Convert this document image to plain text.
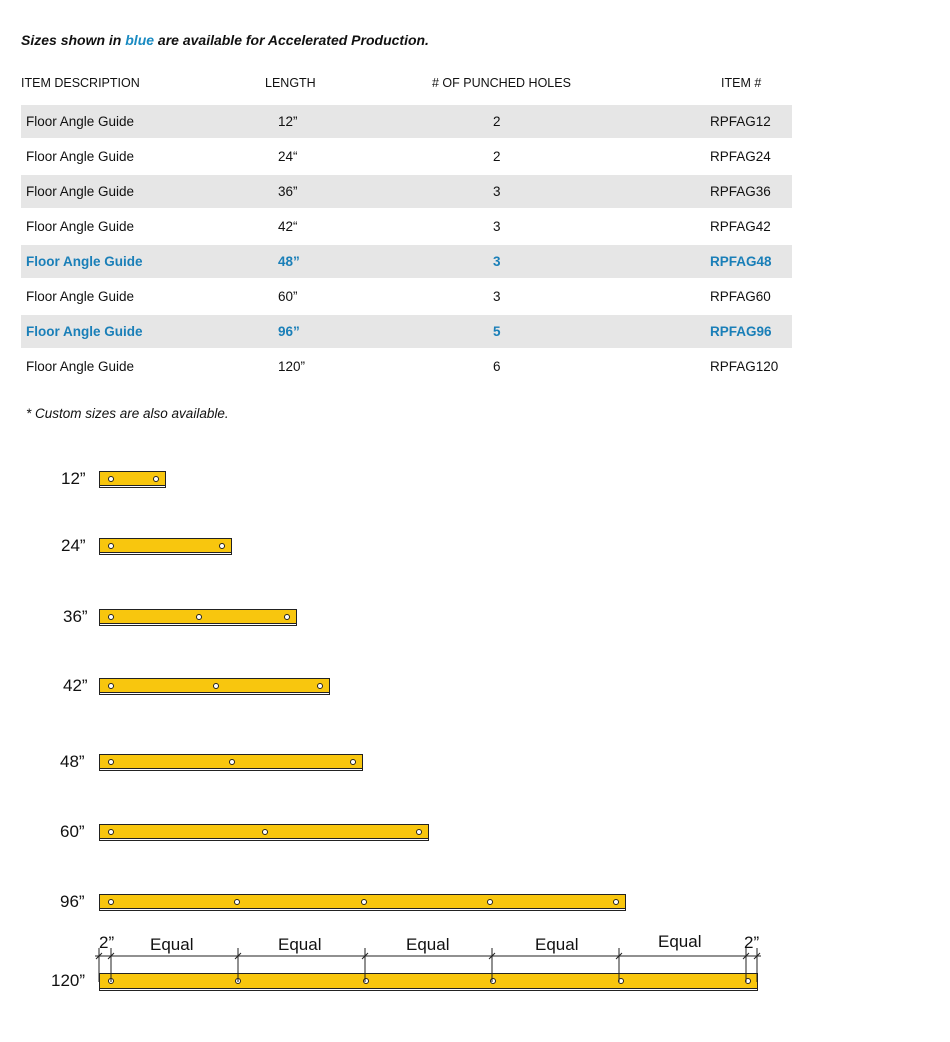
Sizes shown in blue are available for Accelerated Production.
ITEM DESCRIPTION	LENGTH	# OF PUNCHED HOLES	ITEM #
Floor Angle Guide	12”	2	RPFAG12
Floor Angle Guide	24“	2	RPFAG24
Floor Angle Guide	36”	3	RPFAG36
Floor Angle Guide	42“	3	RPFAG42
Floor Angle Guide	48”	3	RPFAG48
Floor Angle Guide	60”	3	RPFAG60
Floor Angle Guide	96”	5	RPFAG96
Floor Angle Guide	120”	6	RPFAG120
* Custom sizes are also available.
12”
24”
36”
42”
48”
60”
96”
120”
2” Equal	Equal	Equal	Equal	Equal	2”
